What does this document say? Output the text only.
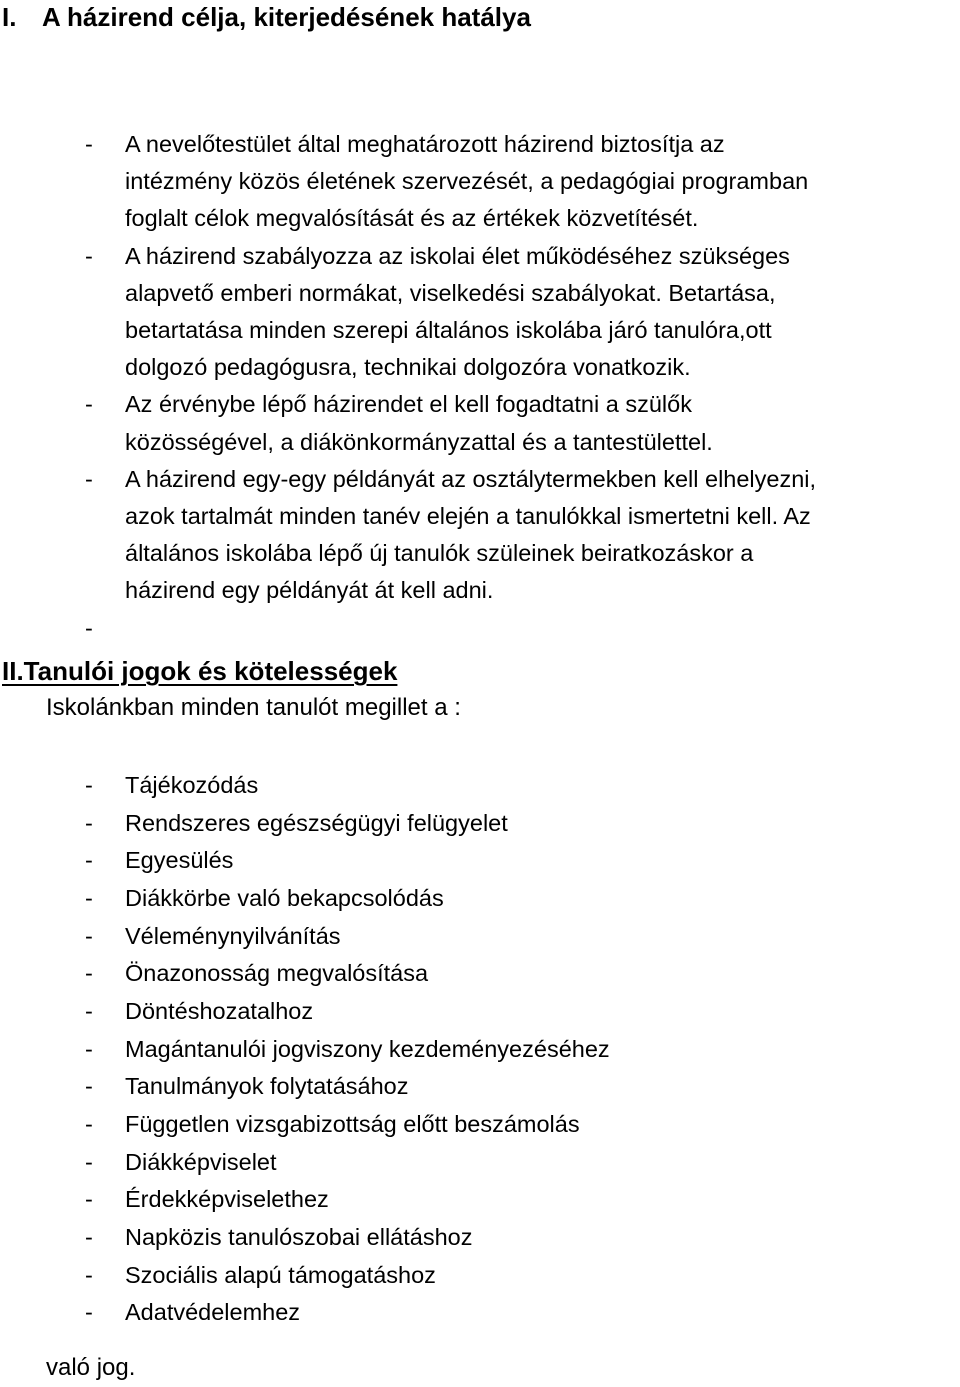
I. A házirend célja, kiterjedésének hatálya
- A nevelőtestület által meghatározott házirend biztosítja az
intézmény közös életének szervezését, a pedagógiai programban
foglalt célok megvalósítását és az értékek közvetítését.
- A házirend szabályozza az iskolai élet működéséhez szükséges
alapvető emberi normákat, viselkedési szabályokat. Betartása,
betartatása minden szerepi általános iskolába járó tanulóra,ott
dolgozó pedagógusra, technikai dolgozóra vonatkozik.
- Az érvénybe lépő házirendet el kell fogadtatni a szülők
közösségével, a diákönkormányzattal és a tantestülettel.
- A házirend egy-egy példányát az osztálytermekben kell elhelyezni,
azok tartalmát minden tanév elején a tanulókkal ismertetni kell. Az
általános iskolába lépő új tanulók szüleinek beiratkozáskor a
házirend egy példányát át kell adni.
-
II.Tanulói jogok és kötelességek
Iskolánkban minden tanulót megillet a :
- Tájékozódás
- Rendszeres egészségügyi felügyelet
- Egyesülés
- Diákkörbe való bekapcsolódás
- Véleménynyilvánítás
- Önazonosság megvalósítása
- Döntéshozatalhoz
- Magántanulói jogviszony kezdeményezéséhez
- Tanulmányok folytatásához
- Független vizsgabizottság előtt beszámolás
- Diákképviselet
- Érdekképviselethez
- Napközis tanulószobai ellátáshoz
- Szociális alapú támogatáshoz
- Adatvédelemhez
való jog.
